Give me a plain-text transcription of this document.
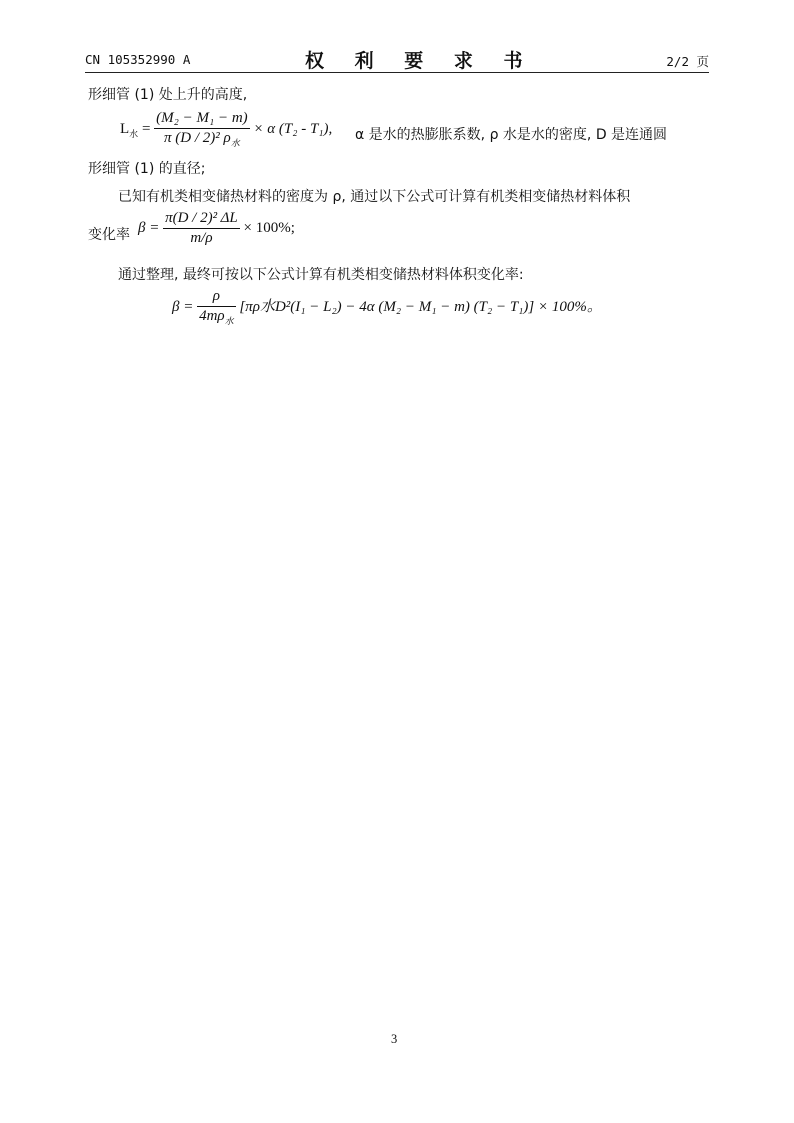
CN 105352990 A	权 利 要 求 书	2/2 页
形细管 (1) 处上升的高度,
$L_水 = \frac{\text{(M₂ − M₁ − m)}}{\pi (D / 2)^2 \rho_水} \times \alpha$ (T₂ - T₁), α 是水的热膨胀系数, ρ 水是水的密度, D 是连通圆
形细管 (1) 的直径;
已知有机类相变储热材料的密度为 ρ, 通过以下公式可计算有机类相变储热材料体积
变化率 $\beta = \frac{\text{π(D / 2)² ΔL}}{m/\rho} \times 100\%$;
通过整理, 最终可按以下公式计算有机类相变储热材料体积变化率:
$\beta = \frac{\rho}{4m\rho_水} [\pi\rho$水D²(I₁ − L₂) − 4α (M₂ − M₁ − m) (T₂ − T₁)] × 100%。
3
